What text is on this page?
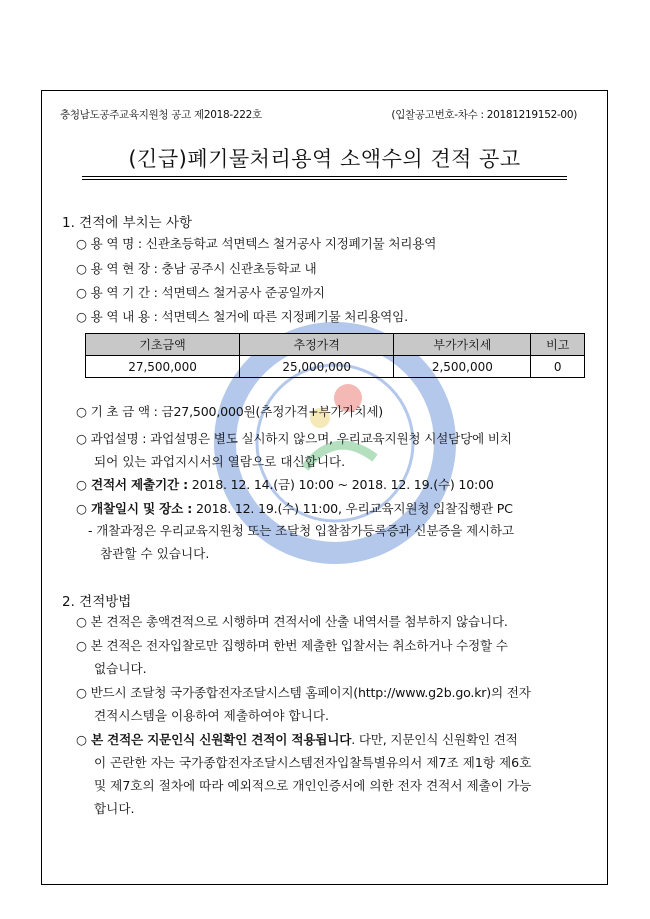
충청남도공주교육지원청 공고 제2018-222호	(입찰공고번호-차수 : 20181219152-00)
(긴급)폐기물처리용역 소액수의 견적 공고
1. 견적에 부치는 사항
○ 용 역 명 : 신관초등학교 석면텍스 철거공사 지정폐기물 처리용역
○ 용 역 현 장 : 충남 공주시 신관초등학교 내
○ 용 역 기 간 : 석면텍스 철거공사 준공일까지
○ 용 역 내 용 : 석면텍스 철거에 따른 지정폐기물 처리용역임.
기초금액	추정가격	부가가치세	비고
27,500,000	25,000,000	2,500,000	0
○ 기 초 금 액 : 금27,500,000원(추정가격+부가가치세)
○ 과업설명 : 과업설명은 별도 실시하지 않으며, 우리교육지원청 시설담당에 비치
되어 있는 과업지시서의 열람으로 대신합니다.
○ 견적서 제출기간 : 2018. 12. 14.(금) 10:00 ~ 2018. 12. 19.(수) 10:00
○ 개찰일시 및 장소 : 2018. 12. 19.(수) 11:00, 우리교육지원청 입찰집행관 PC
- 개찰과정은 우리교육지원청 또는 조달청 입찰참가등록증과 신분증을 제시하고
참관할 수 있습니다.
2. 견적방법
○ 본 견적은 총액견적으로 시행하며 견적서에 산출 내역서를 첨부하지 않습니다.
○ 본 견적은 전자입찰로만 집행하며 한번 제출한 입찰서는 취소하거나 수정할 수
없습니다.
○ 반드시 조달청 국가종합전자조달시스템 홈페이지(http://www.g2b.go.kr)의 전자
견적시스템을 이용하여 제출하여야 합니다.
○ 본 견적은 지문인식 신원확인 견적이 적용됩니다. 다만, 지문인식 신원확인 견적
이 곤란한 자는 국가종합전자조달시스템전자입찰특별유의서 제7조 제1항 제6호
및 제7호의 절차에 따라 예외적으로 개인인증서에 의한 전자 견적서 제출이 가능
합니다.
